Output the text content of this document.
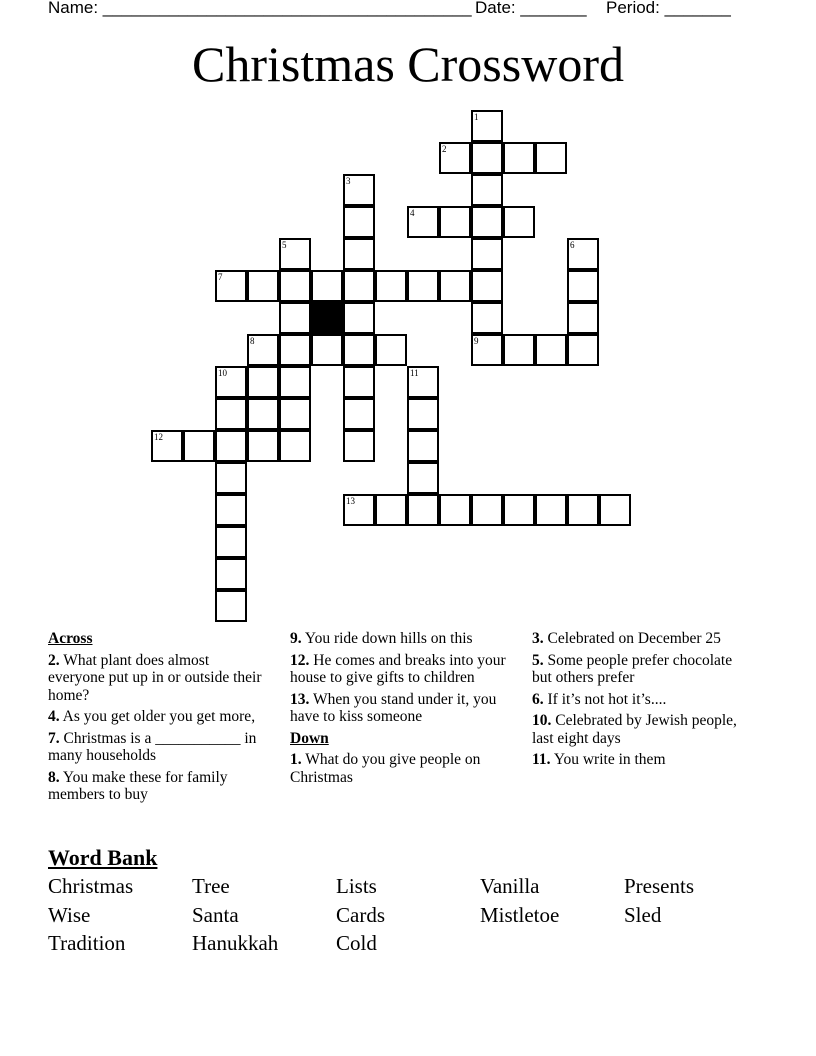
Name: _______________________________________

Date: _______

Period: _______

Christmas Crossword
1
2
3
4
5	6
7
8	9
10	11
12
13
Across
2. What plant does almost everyone put up in or outside their home?
4. As you get older you get more,
7. Christmas is a ___________ in many households
8. You make these for family members to buy
9. You ride down hills on this
12. He comes and breaks into your house to give gifts to children
13. When you stand under it, you have to kiss someone
Down
1. What do you give people on Christmas
3. Celebrated on December 25
5. Some people prefer chocolate but others prefer
6. If it’s not hot it’s....
10. Celebrated by Jewish people, last eight days
11. You write in them
Word Bank
Christmas	Tree	Lists	Vanilla	Presents
Wise	Santa	Cards	Mistletoe	Sled
Tradition	Hanukkah	Cold
